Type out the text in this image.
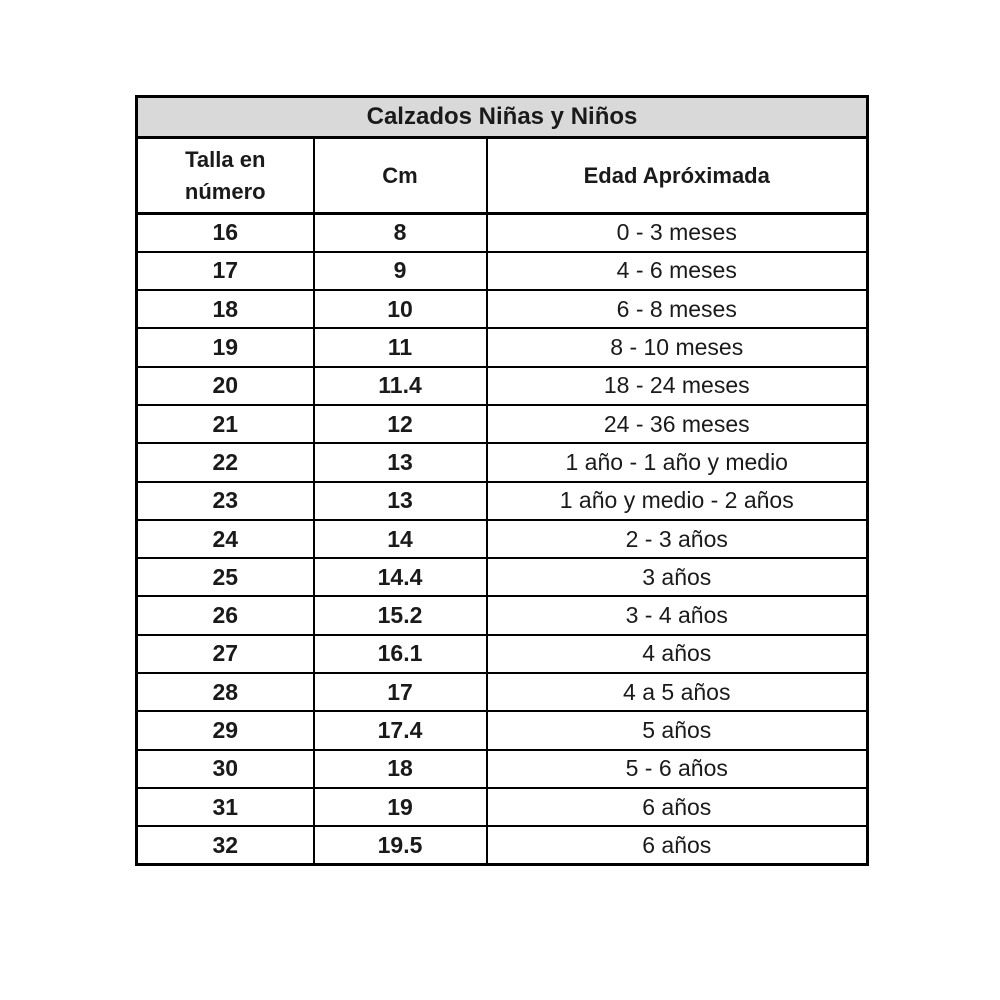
Calzados Niñas y Niños		
Talla en número	Cm	Edad Apróximada
16	8	0 - 3 meses
17	9	4 - 6 meses
18	10	6 - 8 meses
19	11	8 - 10 meses
20	11.4	18 - 24 meses
21	12	24 - 36 meses
22	13	1 año - 1 año y medio
23	13	1 año y medio - 2 años
24	14	2 - 3 años
25	14.4	3 años
26	15.2	3 - 4 años
27	16.1	4 años
28	17	4 a 5 años
29	17.4	5 años
30	18	5 - 6 años
31	19	6 años
32	19.5	6 años
